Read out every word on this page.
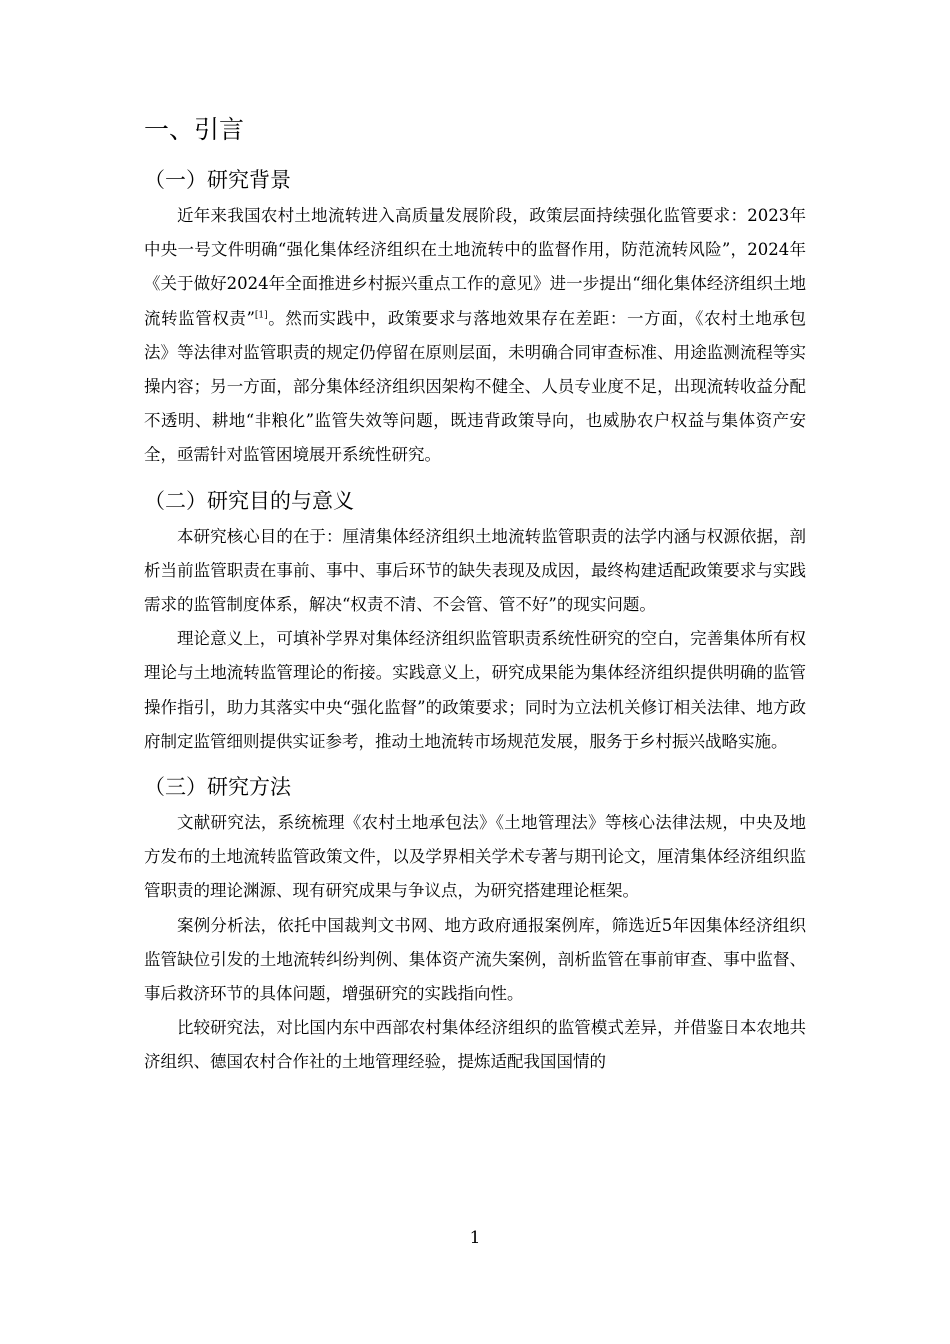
一、引言
（一）研究背景

近年来我国农村土地流转进入高质量发展阶段，政策层面持续强化监管要求：2023年中央一号文件明确“强化集体经济组织在土地流转中的监督作用，防范流转风险”，2024年《关于做好2024年全面推进乡村振兴重点工作的意见》进一步提出“细化集体经济组织土地流转监管权责”[1]。然而实践中，政策要求与落地效果存在差距：一方面，《农村土地承包法》等法律对监管职责的规定仍停留在原则层面，未明确合同审查标准、用途监测流程等实操内容；另一方面，部分集体经济组织因架构不健全、人员专业度不足，出现流转收益分配不透明、耕地“非粮化”监管失效等问题，既违背政策导向，也威胁农户权益与集体资产安全，亟需针对监管困境展开系统性研究。

（二）研究目的与意义

本研究核心目的在于：厘清集体经济组织土地流转监管职责的法学内涵与权源依据，剖析当前监管职责在事前、事中、事后环节的缺失表现及成因，最终构建适配政策要求与实践需求的监管制度体系，解决“权责不清、不会管、管不好”的现实问题。

理论意义上，可填补学界对集体经济组织监管职责系统性研究的空白，完善集体所有权理论与土地流转监管理论的衔接。实践意义上，研究成果能为集体经济组织提供明确的监管操作指引，助力其落实中央“强化监督”的政策要求；同时为立法机关修订相关法律、地方政府制定监管细则提供实证参考，推动土地流转市场规范发展，服务于乡村振兴战略实施。

（三）研究方法

文献研究法，系统梳理《农村土地承包法》《土地管理法》等核心法律法规，中央及地方发布的土地流转监管政策文件，以及学界相关学术专著与期刊论文，厘清集体经济组织监管职责的理论渊源、现有研究成果与争议点，为研究搭建理论框架。

案例分析法，依托中国裁判文书网、地方政府通报案例库，筛选近5年因集体经济组织监管缺位引发的土地流转纠纷判例、集体资产流失案例，剖析监管在事前审查、事中监督、事后救济环节的具体问题，增强研究的实践指向性。

比较研究法，对比国内东中西部农村集体经济组织的监管模式差异，并借鉴日本农地共济组织、德国农村合作社的土地管理经验，提炼适配我国国情的

1
